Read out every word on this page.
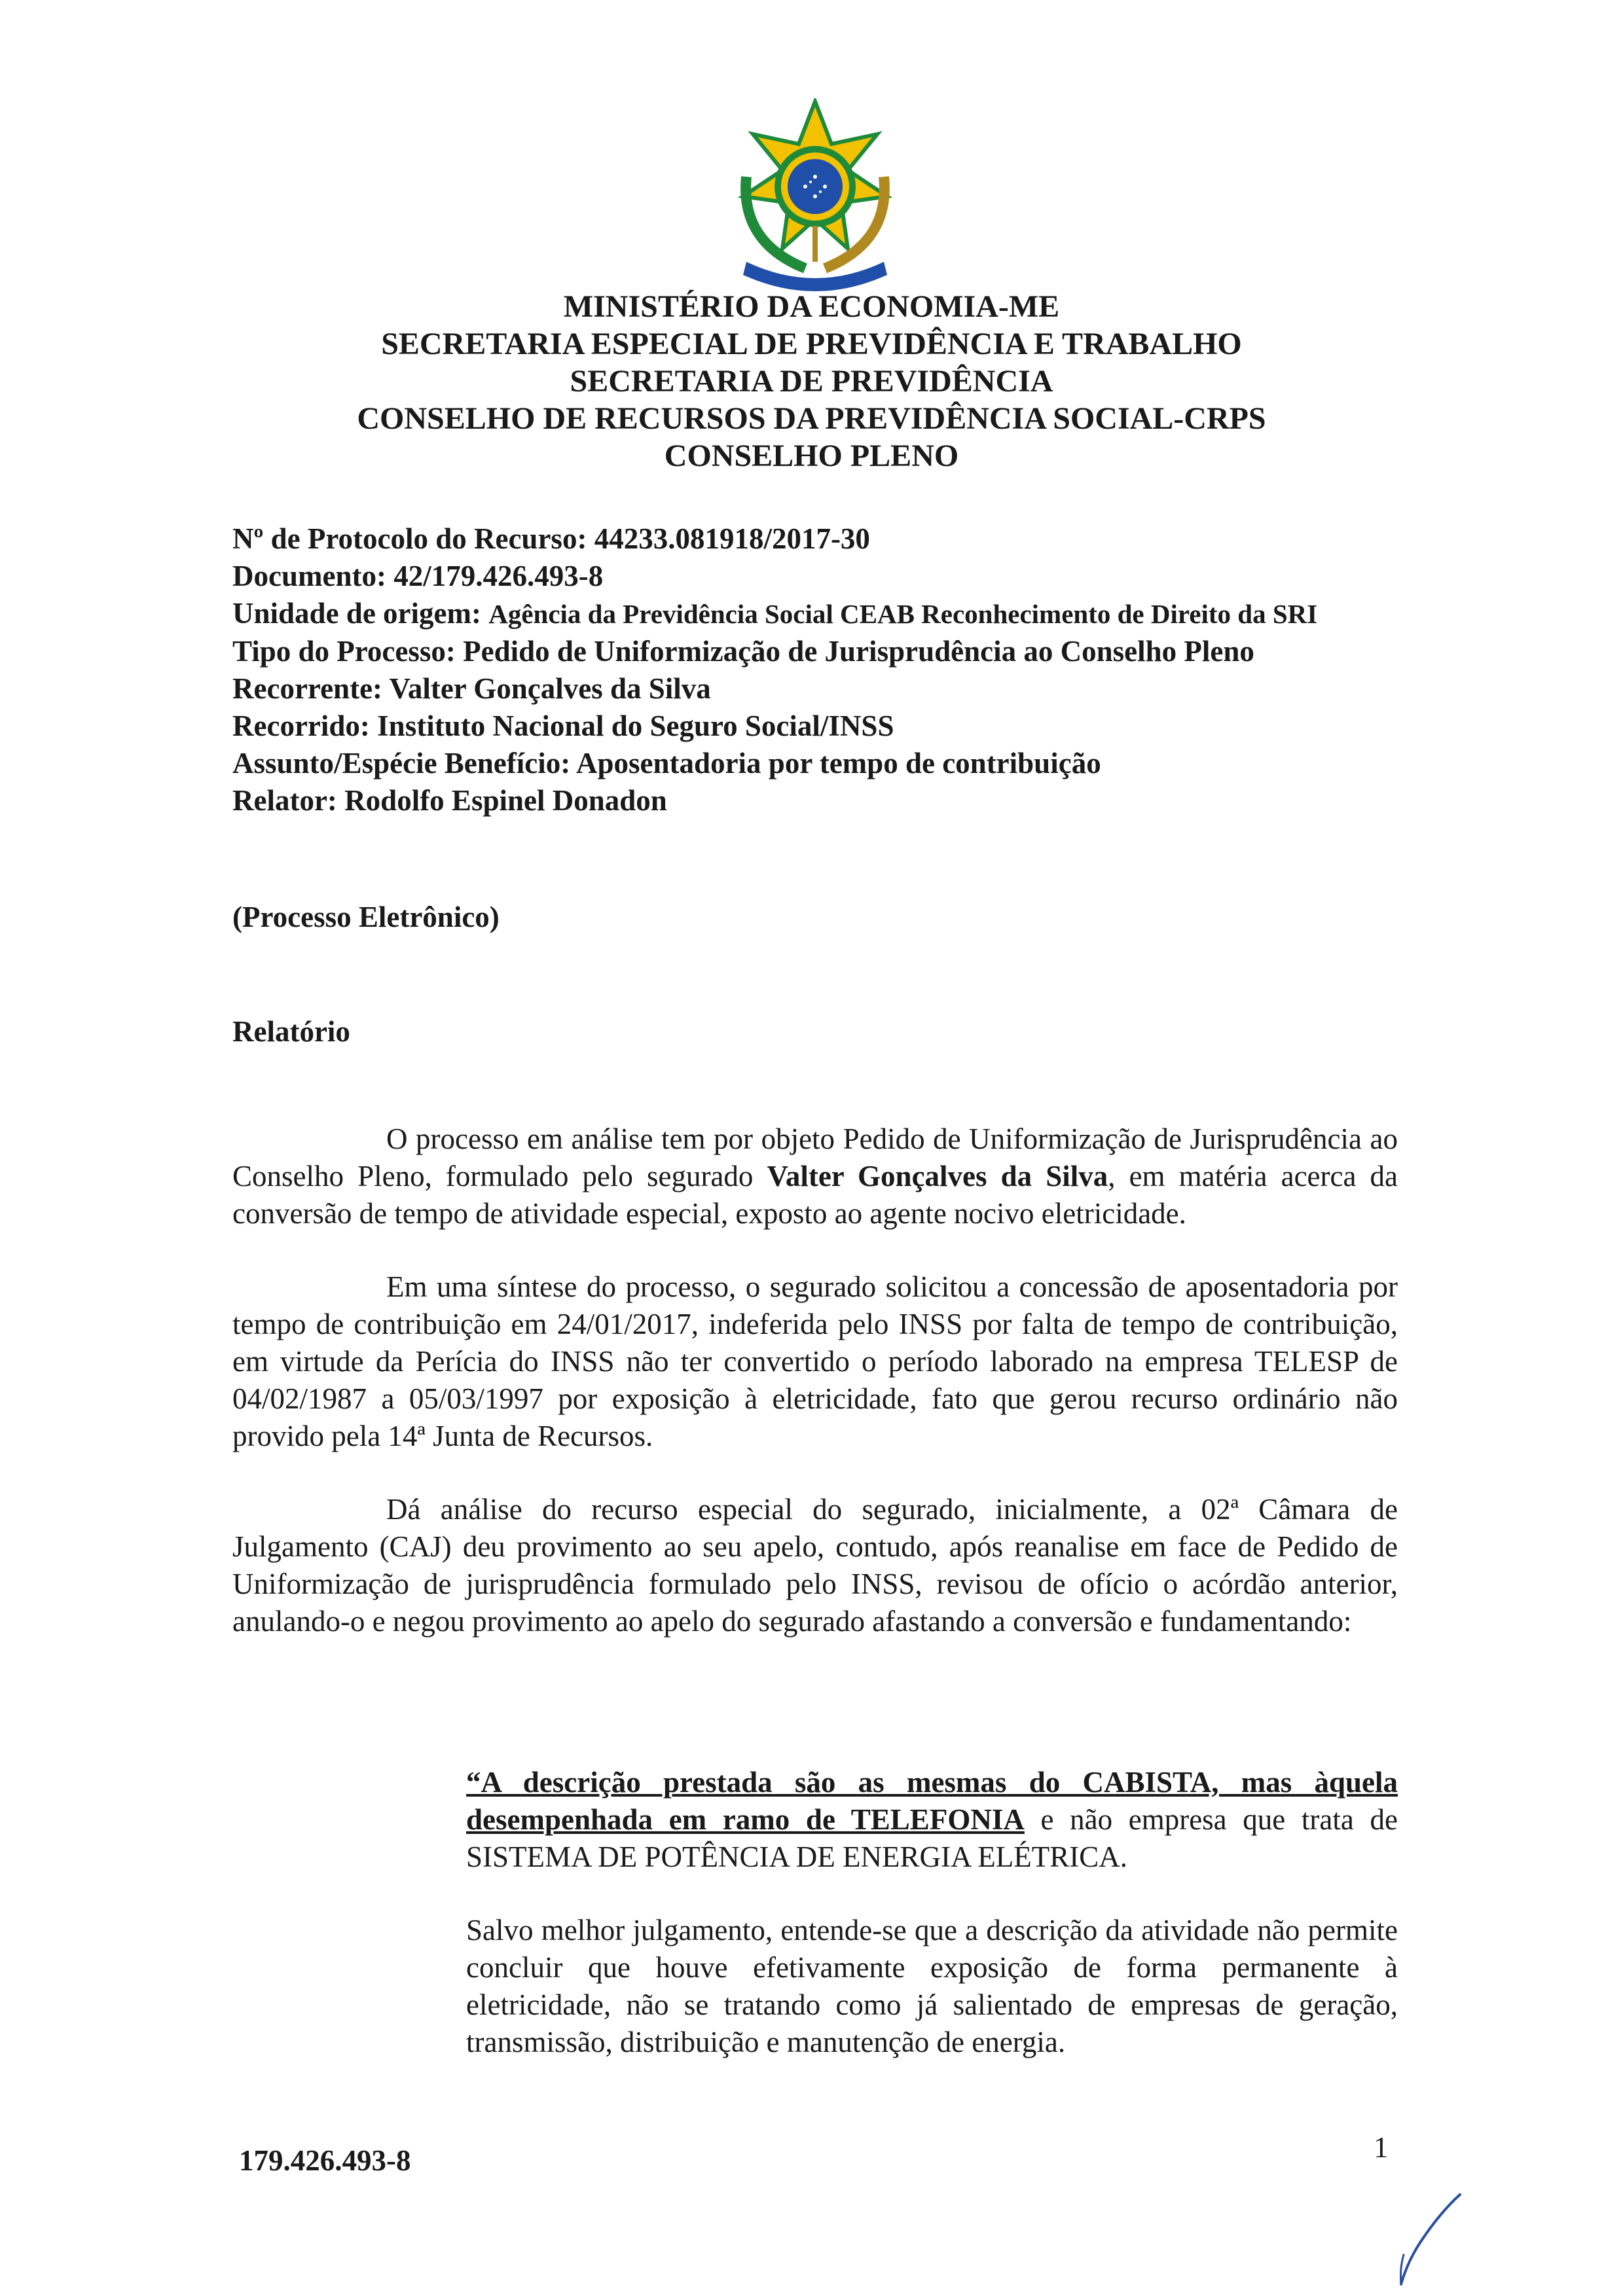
MINISTÉRIO DA ECONOMIA-ME
SECRETARIA ESPECIAL DE PREVIDÊNCIA E TRABALHO
SECRETARIA DE PREVIDÊNCIA
CONSELHO DE RECURSOS DA PREVIDÊNCIA SOCIAL-CRPS
CONSELHO PLENO
Nº de Protocolo do Recurso: 44233.081918/2017-30
Documento: 42/179.426.493-8
Unidade de origem: Agência da Previdência Social CEAB Reconhecimento de Direito da SRI
Tipo do Processo: Pedido de Uniformização de Jurisprudência ao Conselho Pleno
Recorrente: Valter Gonçalves da Silva
Recorrido: Instituto Nacional do Seguro Social/INSS
Assunto/Espécie Benefício: Aposentadoria por tempo de contribuição
Relator: Rodolfo Espinel Donadon
(Processo Eletrônico)
Relatório

O processo em análise tem por objeto Pedido de Uniformização de Jurisprudência ao Conselho Pleno, formulado pelo segurado Valter Gonçalves da Silva, em matéria acerca da conversão de tempo de atividade especial, exposto ao agente nocivo eletricidade.

Em uma síntese do processo, o segurado solicitou a concessão de aposentadoria por tempo de contribuição em 24/01/2017, indeferida pelo INSS por falta de tempo de contribuição, em virtude da Perícia do INSS não ter convertido o período laborado na empresa TELESP de 04/02/1987 a 05/03/1997 por exposição à eletricidade, fato que gerou recurso ordinário não provido pela 14ª Junta de Recursos.

Dá análise do recurso especial do segurado, inicialmente, a 02ª Câmara de Julgamento (CAJ) deu provimento ao seu apelo, contudo, após reanalise em face de Pedido de Uniformização de jurisprudência formulado pelo INSS, revisou de ofício o acórdão anterior, anulando-o e negou provimento ao apelo do segurado afastando a conversão e fundamentando:

“A descrição prestada são as mesmas do CABISTA, mas àquela desempenhada em ramo de TELEFONIA e não empresa que trata de SISTEMA DE POTÊNCIA DE ENERGIA ELÉTRICA.

Salvo melhor julgamento, entende-se que a descrição da atividade não permite concluir que houve efetivamente exposição de forma permanente à eletricidade, não se tratando como já salientado de empresas de geração, transmissão, distribuição e manutenção de energia.

179.426.493-8	1
